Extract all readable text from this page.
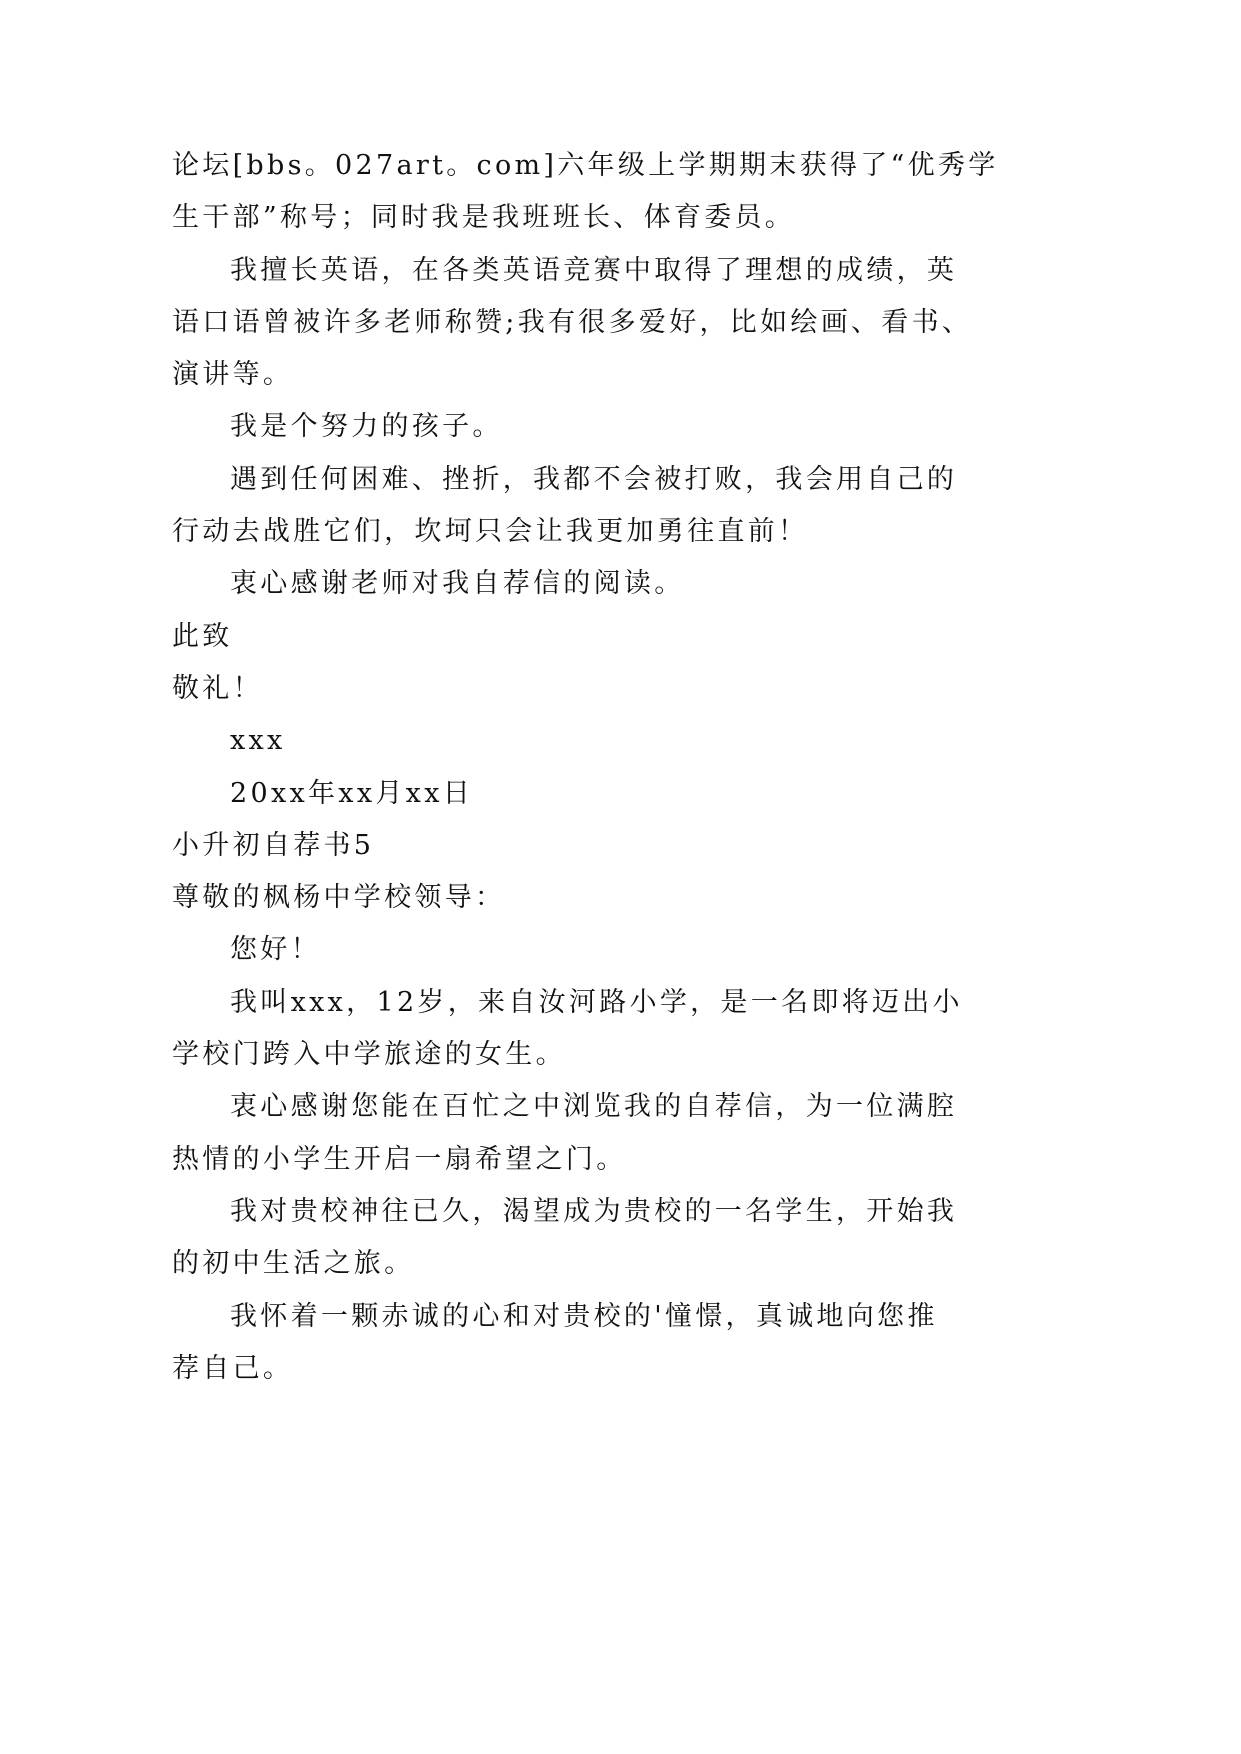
论坛[bbs。027art。com]六年级上学期期末获得了“优秀学
生干部”称号；同时我是我班班长、体育委员。
我擅长英语，在各类英语竞赛中取得了理想的成绩，英
语口语曾被许多老师称赞;我有很多爱好，比如绘画、看书、
演讲等。
我是个努力的孩子。
遇到任何困难、挫折，我都不会被打败，我会用自己的
行动去战胜它们，坎坷只会让我更加勇往直前！
衷心感谢老师对我自荐信的阅读。
此致
敬礼！
xxx
20xx年xx月xx日
小升初自荐书5
尊敬的枫杨中学校领导：
您好！
我叫xxx，12岁，来自汝河路小学，是一名即将迈出小
学校门跨入中学旅途的女生。
衷心感谢您能在百忙之中浏览我的自荐信，为一位满腔
热情的小学生开启一扇希望之门。
我对贵校神往已久，渴望成为贵校的一名学生，开始我
的初中生活之旅。
我怀着一颗赤诚的心和对贵校的'憧憬，真诚地向您推
荐自己。
